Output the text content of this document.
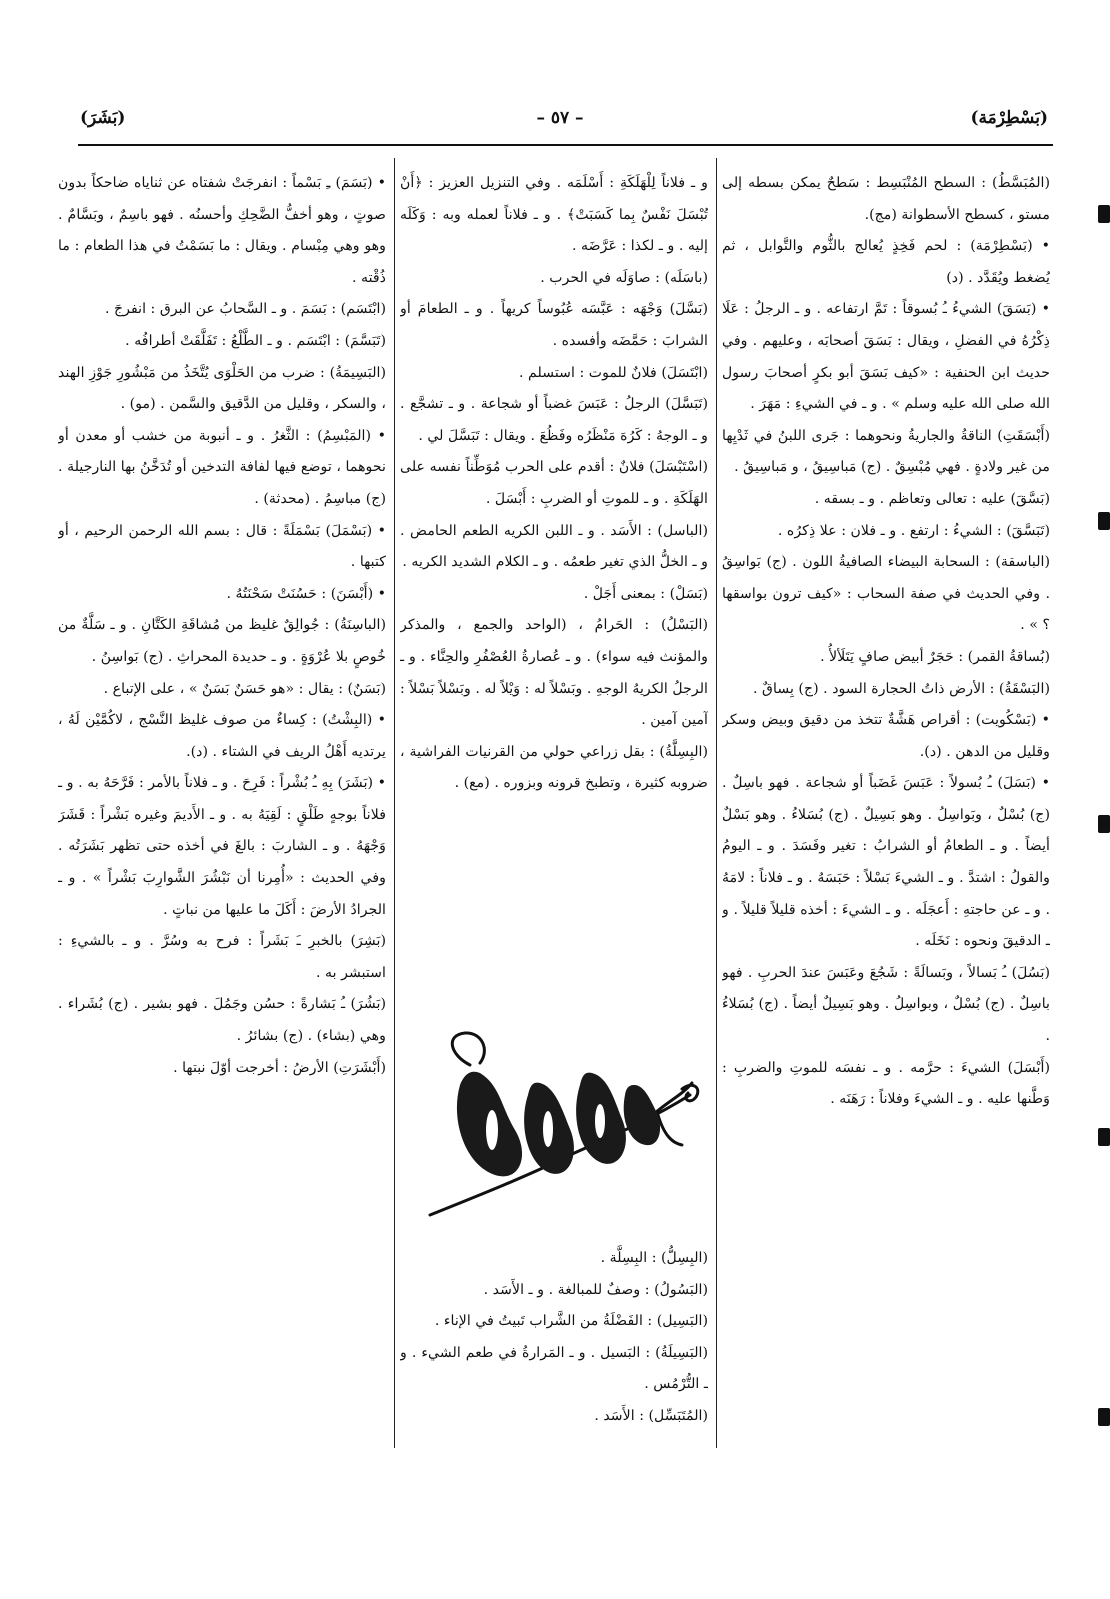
(بَسْطِرْمَة)
– ٥٧ –
(بَشَرَ)

(المُبَسَّطُ) : السطح المُنْبَسِط : سَطحٌ يمكن بسطه إلى مستو ، كسطح الأسطوانة (مج).

• (بَسْطِرْمَة) : لحم فَخِذٍ يُعالج بالثُّوم والتَّوابل ، ثم يُضغط ويُقَدَّد . (د)

• (بَسَقَ) الشيءُ ـُ بُسوقاً : تَمَّ ارتفاعه . و ـ الرجلُ : عَلَا ذِكْرُهُ في الفضلِ ، ويقال : بَسَقَ أصحابَه ، وعليهم . وفي حديث ابن الحنفية : «كيف بَسَقَ أبو بكرٍ أصحابَ رسول الله صلى الله عليه وسلم » . و ـ في الشيءِ : مَهَرَ .

(أَبْسَقَتِ) الناقةُ والجاريةُ ونحوهما : جَرى اللبنُ في ثَدْيِها من غير ولادةٍ . فهي مُبْسِقٌ . (ج) مَباسِيقُ ، و مَباسِيقُ .

(بَسَّقَ) عليه : تعالى وتعاظم . و ـ بسقه .

(تَبَسَّقَ) : الشيءُ : ارتفع . و ـ فلان : علا ذِكرُه .

(الباسقة) : السحابة البيضاء الصافيةُ اللون . (ج) بَواسِقُ . وفي الحديث في صفة السحاب : «كيف ترون بواسقها ؟ » .

(بُساقةُ القمر) : حَجَرٌ أبيض صافٍ يَتَلَألأُ .

(البَسْقَةُ) : الأرض ذاتُ الحجارة السود . (ج) بِساقٌ .

• (بَسْكُويت) : أقراص هَشَّةٌ تتخذ من دقيق وبيض وسكر وقليل من الدهن . (د).

• (بَسَلَ) ـُ بُسولاً : عَبَسَ غَضَباً أو شجاعة . فهو باسِلٌ . (ج) بُسْلٌ ، وبَواسِلُ . وهو بَسِيلٌ . (ج) بُسَلاءُ . وهو بَسْلٌ أيضاً . و ـ الطعامُ أو الشرابُ : تغير وفَسَدَ . و ـ اليومُ والقولُ : اشتدَّ . و ـ الشيءَ بَسْلاً : حَبَسَهُ . و ـ فلاناً : لامَهُ . و ـ عن حاجتهِ : أَعجَلَه . و ـ الشيءَ : أخذه قليلاً قليلاً . و ـ الدقيقَ ونحوه : نَخَلَه .

(بَسُلَ) ـُ بَسالاً ، وبَسالَةً : شَجُعَ وعَبَسَ عندَ الحربِ . فهو باسِلٌ . (ج) بُسْلٌ ، وبواسِلُ . وهو بَسِيلٌ أيضاً . (ج) بُسَلاءُ .

(أَبْسَلَ) الشيءَ : حرَّمه . و ـ نفسَه للموتِ والضربِ : وَطَّنها عليه . و ـ الشيءَ وفلاناً : رَهَنَه .

و ـ فلاناً لِلْهَلَكَةِ : أَسْلَمَه . وفي التنزيل العزيز : ﴿أَنْ تُبْسَلَ نَفْسٌ بِما كَسَبَتْ﴾ . و ـ فلاناً لعمله وبه : وَكَلَه إليه . و ـ لكذا : عَرَّضَه .

(باسَلَه) : صاوَلَه في الحرب .

(بَسَّلَ) وَجْهَه : عَبَّسَه عُبُوساً كريهاً . و ـ الطعامَ أو الشرابَ : حَمَّضَه وأفسده .

(ابْتَسَلَ) فلانٌ للموت : استسلم .

(تَبَسَّلَ) الرجلُ : عَبَسَ غضباً أو شجاعة . و ـ تشجَّع . و ـ الوجهُ : كَرُهَ مَنْظَرُه وفَظُعَ . ويقال : تَبَسَّلَ لي .

(اسْتَبْسَلَ) فلانٌ : أقدم على الحرب مُوَطِّناً نفسه على الهَلَكَةِ . و ـ للموتِ أو الضربِ : أَبْسَلَ .

(الباسل) : الأَسَد . و ـ اللبن الكريه الطعم الحامض . و ـ الخلُّ الذي تغير طعمُه . و ـ الكلام الشديد الكريه .

(بَسَلْ) : بمعنى أَجَلْ .

(البَسْلُ) : الحَرامُ ، (الواحد والجمع ، والمذكر والمؤنث فيه سواء) . و ـ عُصارةُ العُصْفُرِ والحِنَّاء . و ـ الرجلُ الكريهُ الوجهِ . وبَسْلاً له : وَيْلاً له . وبَسْلاً بَسْلاً : آمين آمين .

(البِسِلَّةُ) : بقل زراعي حولي من القرنيات الفراشية ، ضروبه كثيرة ، وتطبخ قرونه وبزوره . (مع) .

(البِسِلُّ) : البِسِلَّة .

(البَسُولُ) : وصفٌ للمبالغة . و ـ الأَسَد .

(البَسِيل) : الفَضْلَةُ من الشَّراب تَبيتُ في الإناء .

(البَسِيلَةُ) : البَسيل . و ـ المَرارةُ في طعم الشيء . و ـ التُّرْمُس .

(المُتَبَسِّل) : الأَسَد .

• (بَسَمَ) ـِ بَسْماً : انفرجَتْ شفتاه عن ثناياه ضاحكاً بدون صوتٍ ، وهو أخفُّ الضَّحِكِ وأحسنُه . فهو باسِمٌ ، وبَسَّامٌ . وهو وهي مِبْسام . ويقال : ما بَسَمْتُ في هذا الطعام : ما ذُقْته .

(ابْتَسَم) : بَسَمَ . و ـ السَّحابُ عن البرق : انفرجَ .

(تَبَسَّمَ) : ابْتَسَم . و ـ الطَّلْعُ : تَفَلَّقَتْ أطرافُه .

(البَسِيمَةُ) : ضرب من الحَلْوَى يُتَّخَذُ من مَبْشُورِ جَوْزِ الهند ، والسكر ، وقليل من الدَّقيق والسَّمن . (مو) .

• (المَبْسِمُ) : الثَّغرُ . و ـ أنبوبة من خشب أو معدن أو نحوهما ، توضع فيها لفافة التدخين أو تُدَخَّنُ بها النارجيلة . (ج) مباسِمُ . (محدثة) .

• (بَسْمَلَ) بَسْمَلَةً : قال : بسم الله الرحمن الرحيم ، أو كتبها .

• (أَبْسَنَ) : حَسُنَتْ سَحْنَتُهُ .

(الباسِنَةُ) : جُوالِقٌ غليظ من مُشاقَةِ الكَتَّانِ . و ـ سَلَّةٌ من خُوصٍ بلا عُرْوَةٍ . و ـ حديدة المحراثِ . (ج) بَواسِنُ .

(بَسَنٌ) : يقال : «هو حَسَنٌ بَسَنٌ » ، على الإتباع .

• (البِشْتُ) : كِساءٌ من صوف غليظ النَّسْج ، لاكُمَّيْن لَهُ ، يرتديه أَهْلُ الريف في الشتاء . (د).

• (بَشَرَ) بِهِ ـُ بُشْراً : فَرِحَ . و ـ فلاناً بالأمر : فَرَّحَهُ به . و ـ فلاناً بوجهٍ طَلْقٍ : لَقِيَهُ به . و ـ الأَديمَ وغيره بَشْراً : قَشَرَ وَجْهَهُ . و ـ الشاربَ : بالغَ في أخذه حتى تظهر بَشَرَتُه . وفي الحديث : «أُمِرنا أن نَبْشُرَ الشَّوارِبَ بَشْراً » . و ـ الجرادُ الأرضَ : أَكَلَ ما عليها من نباتٍ .

(بَشِرَ) بالخبرِ ـَ بَشَراً : فرح به وسُرَّ . و ـ بالشيءِ : استبشر به .

(بَشُرَ) ـُ بَشارةً : حسُن وجَمُلَ . فهو بشير . (ج) بُشَراء . وهي (بشاء) . (ج) بشائرُ .

(أَبْشَرَتِ) الأرضُ : أخرجت أوّلَ نبتها .
